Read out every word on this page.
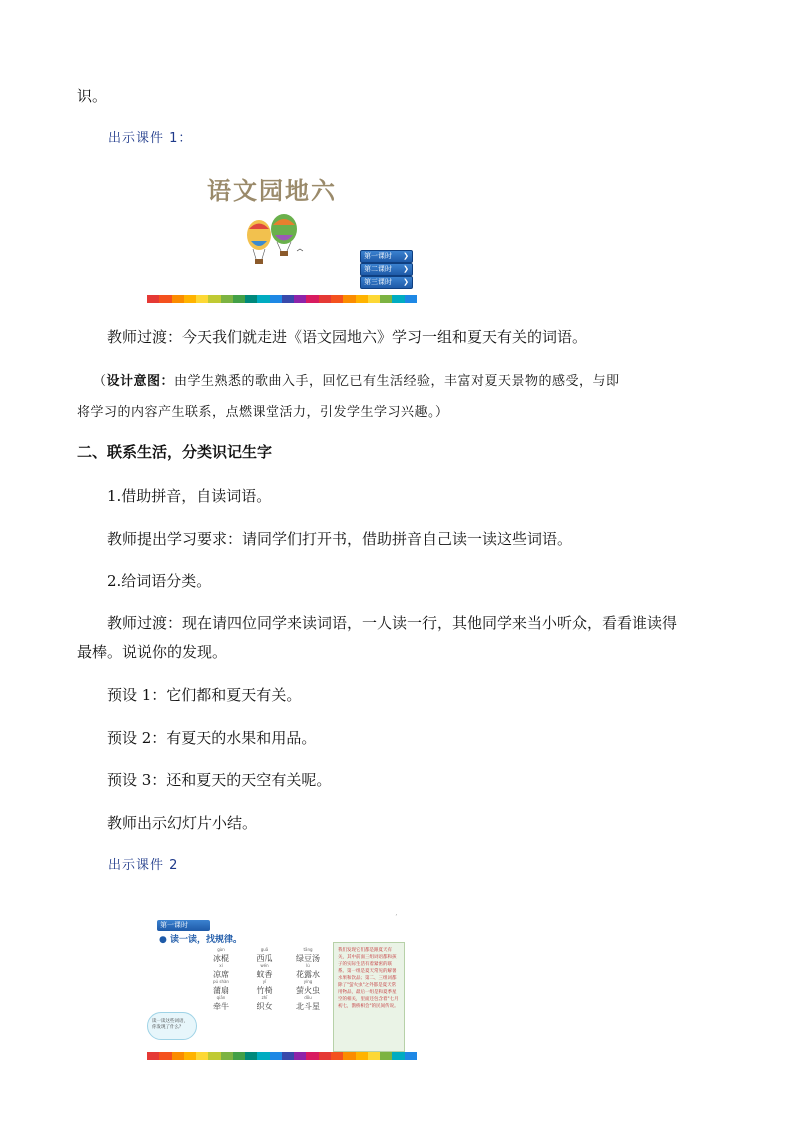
识。
出示课件 1：
语文园地六
第一课时 ❯
第二课时 ❯
第三课时 ❯
教师过渡：今天我们就走进《语文园地六》学习一组和夏天有关的词语。
（设计意图：由学生熟悉的歌曲入手，回忆已有生活经验，丰富对夏天景物的感受，与即
将学习的内容产生联系，点燃课堂活力，引发学生学习兴趣。）
二、联系生活，分类识记生字
1.借助拼音，自读词语。
教师提出学习要求：请同学们打开书，借助拼音自己读一读这些词语。
2.给词语分类。
教师过渡：现在请四位同学来读词语，一人读一行，其他同学来当小听众，看看谁读得
最棒。说说你的发现。
预设 1：它们都和夏天有关。
预设 2：有夏天的水果和用品。
预设 3：还和夏天的天空有关呢。
教师出示幻灯片小结。
出示课件 2
ʼ
第一课时
● 读一读，找规律。
gùn
冰棍
guā
西瓜
tāng
绿豆汤
xí
凉席
wén
蚊香
lù
花露水
pú shàn
蒲扇
yǐ
竹椅
yíng
萤火虫
qiān
牵牛
zhī
织女
dǒu
北斗星
我们发现它们都是跟夏天有关，其中前面三组词语都和孩子的实际生活有着紧密的联系。第一组是夏天常见的解暑水果和饮品；第二、三组词都除了"萤火虫"之外都是夏天常用物品，最后一组是和夏季星空的相关，里面还包含着"七月初七，鹊桥相会"的民间传说。
读一读这些词语，你发现了什么？
